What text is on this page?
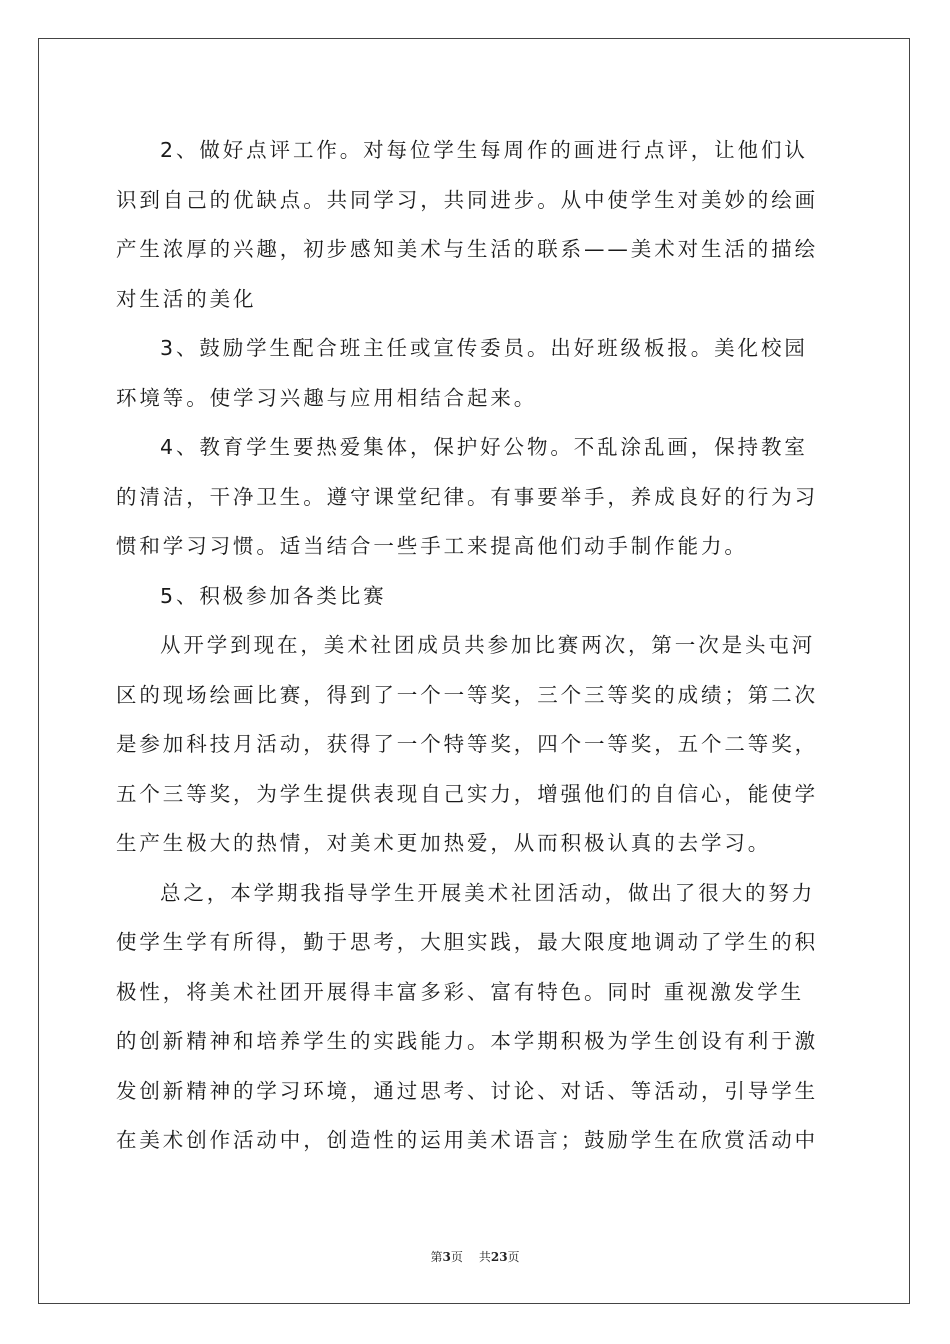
2、做好点评工作。对每位学生每周作的画进行点评，让他们认
识到自己的优缺点。共同学习，共同进步。从中使学生对美妙的绘画
产生浓厚的兴趣，初步感知美术与生活的联系——美术对生活的描绘
对生活的美化
3、鼓励学生配合班主任或宣传委员。出好班级板报。美化校园
环境等。使学习兴趣与应用相结合起来。
4、教育学生要热爱集体，保护好公物。不乱涂乱画，保持教室
的清洁，干净卫生。遵守课堂纪律。有事要举手，养成良好的行为习
惯和学习习惯。适当结合一些手工来提高他们动手制作能力。
5、积极参加各类比赛
从开学到现在，美术社团成员共参加比赛两次，第一次是头屯河
区的现场绘画比赛，得到了一个一等奖，三个三等奖的成绩；第二次
是参加科技月活动，获得了一个特等奖，四个一等奖，五个二等奖，
五个三等奖，为学生提供表现自己实力，增强他们的自信心，能使学
生产生极大的热情，对美术更加热爱，从而积极认真的去学习。
总之，本学期我指导学生开展美术社团活动，做出了很大的努力
使学生学有所得，勤于思考，大胆实践，最大限度地调动了学生的积
极性，将美术社团开展得丰富多彩、富有特色。同时 重视激发学生
的创新精神和培养学生的实践能力。本学期积极为学生创设有利于激
发创新精神的学习环境，通过思考、讨论、对话、等活动，引导学生
在美术创作活动中，创造性的运用美术语言；鼓励学生在欣赏活动中
第3页 共23页
